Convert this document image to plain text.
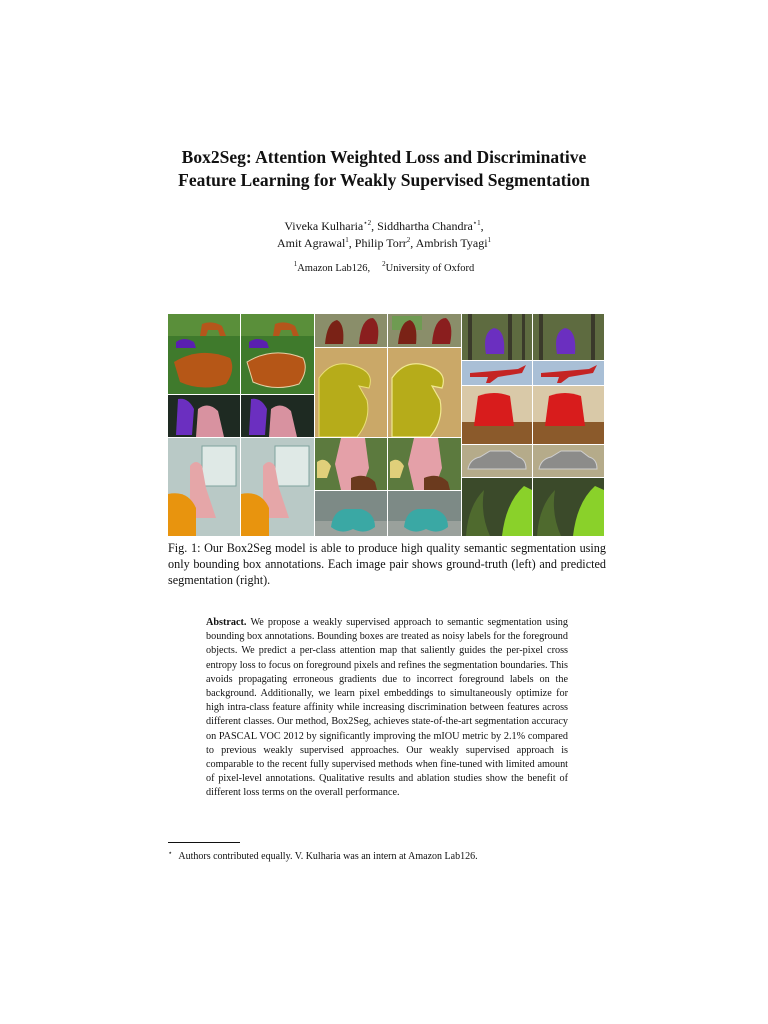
Box2Seg: Attention Weighted Loss and Discriminative
Feature Learning for Weakly Supervised Segmentation
Viveka Kulharia$^{⋆2}$, Siddhartha Chandra$^{⋆1}$,
Amit Agrawal$^1$, Philip Torr$^2$, Ambrish Tyagi$^1$
$^1$Amazon Lab126, $^2$University of Oxford
Fig. 1: Our Box2Seg model is able to produce high quality semantic segmentation using only bounding box annotations. Each image pair shows ground-truth (left) and predicted segmentation (right).
Abstract. We propose a weakly supervised approach to semantic segmentation using bounding box annotations. Bounding boxes are treated as noisy labels for the foreground objects. We predict a per-class attention map that saliently guides the per-pixel cross entropy loss to focus on foreground pixels and refines the segmentation boundaries. This avoids propagating erroneous gradients due to incorrect foreground labels on the background. Additionally, we learn pixel embeddings to simultaneously optimize for high intra-class feature affinity while increasing discrimination between features across different classes. Our method, Box2Seg, achieves state-of-the-art segmentation accuracy on PASCAL VOC 2012 by significantly improving the mIOU metric by 2.1% compared to previous weakly supervised approaches. Our weakly supervised approach is comparable to the recent fully supervised methods when fine-tuned with limited amount of pixel-level annotations. Qualitative results and ablation studies show the benefit of different loss terms on the overall performance.
⋆ Authors contributed equally. V. Kulharia was an intern at Amazon Lab126.
